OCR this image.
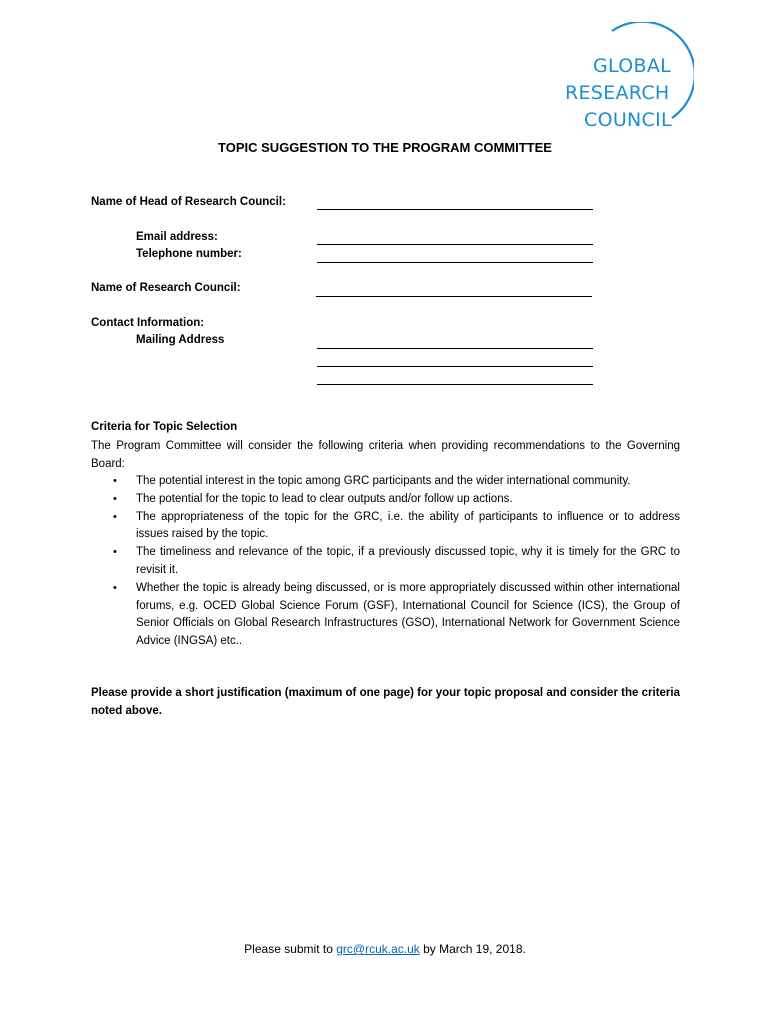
GLOBAL
RESEARCH
COUNCIL
TOPIC SUGGESTION TO THE PROGRAM COMMITTEE
Name of Head of Research Council:
Email address:
Telephone number:
Name of Research Council:
Contact Information:
Mailing Address
Criteria for Topic Selection
The Program Committee will consider the following criteria when providing recommendations to the Governing Board:
• The potential interest in the topic among GRC participants and the wider international community.
• The potential for the topic to lead to clear outputs and/or follow up actions.
• The appropriateness of the topic for the GRC, i.e. the ability of participants to influence or to address issues raised by the topic.
• The timeliness and relevance of the topic, if a previously discussed topic, why it is timely for the GRC to revisit it.
• Whether the topic is already being discussed, or is more appropriately discussed within other international forums, e.g. OCED Global Science Forum (GSF), International Council for Science (ICS), the Group of Senior Officials on Global Research Infrastructures (GSO), International Network for Government Science Advice (INGSA) etc..
Please provide a short justification (maximum of one page) for your topic proposal and consider the criteria noted above.
Please submit to grc@rcuk.ac.uk by March 19, 2018.
